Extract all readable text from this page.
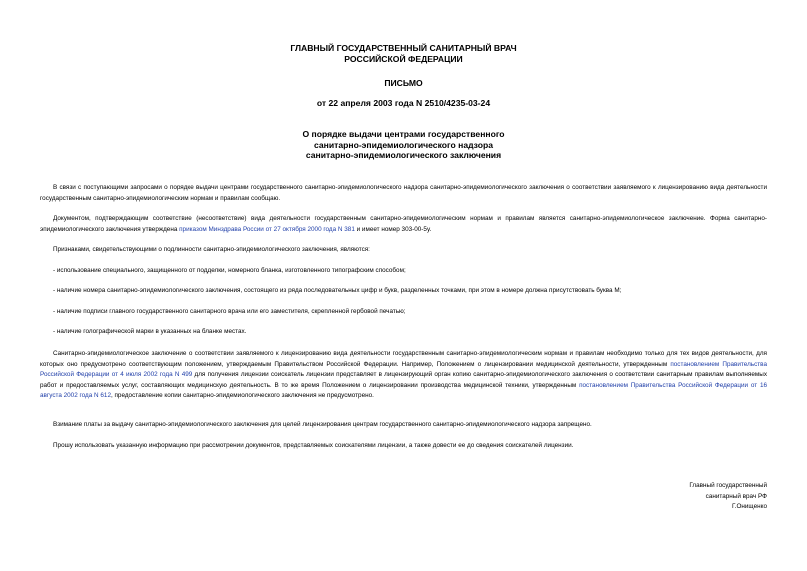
ГЛАВНЫЙ ГОСУДАРСТВЕННЫЙ САНИТАРНЫЙ ВРАЧ
РОССИЙСКОЙ ФЕДЕРАЦИИ
ПИСЬМО
от 22 апреля 2003 года N 2510/4235-03-24
О порядке выдачи центрами государственного
санитарно-эпидемиологического надзора
санитарно-эпидемиологического заключения

В связи с поступающими запросами о порядке выдачи центрами государственного санитарно-эпидемиологического надзора санитарно-эпидемиологического заключения о соответствии заявляемого к лицензированию вида деятельности государственным санитарно-эпидемиологическим нормам и правилам сообщаю.

Документом, подтверждающим соответствие (несоответствие) вида деятельности государственным санитарно-эпидемиологическим нормам и правилам является санитарно-эпидемиологическое заключение. Форма санитарно-эпидемиологического заключения утверждена приказом Минздрава России от 27 октября 2000 года N 381 и имеет номер 303-00-5у.

Признаками, свидетельствующими о подлинности санитарно-эпидемиологического заключения, являются:

- использование специального, защищенного от подделки, номерного бланка, изготовленного типографским способом;

- наличие номера санитарно-эпидемиологического заключения, состоящего из ряда последовательных цифр и букв, разделенных точками, при этом в номере должна присутствовать буква М;

- наличие подписи главного государственного санитарного врача или его заместителя, скрепленной гербовой печатью;

- наличие голографической марки в указанных на бланке местах.

Санитарно-эпидемиологическое заключение о соответствии заявляемого к лицензированию вида деятельности государственным санитарно-эпидемиологическим нормам и правилам необходимо только для тех видов деятельности, для которых оно предусмотрено соответствующим положением, утверждаемым Правительством Российской Федерации. Например, Положением о лицензировании медицинской деятельности, утвержденным постановлением Правительства Российской Федерации от 4 июля 2002 года N 499 для получения лицензии соискатель лицензии представляет в лицензирующий орган копию санитарно-эпидемиологического заключения о соответствии санитарным правилам выполняемых работ и предоставляемых услуг, составляющих медицинскую деятельность. В то же время Положением о лицензировании производства медицинской техники, утвержденным постановлением Правительства Российской Федерации от 16 августа 2002 года N 612, предоставление копии санитарно-эпидемиологического заключения не предусмотрено.

Взимание платы за выдачу санитарно-эпидемиологического заключения для целей лицензирования центрам государственного санитарно-эпидемиологического надзора запрещено.

Прошу использовать указанную информацию при рассмотрении документов, представляемых соискателями лицензии, а также довести ее до сведения соискателей лицензии.

Главный государственный
санитарный врач РФ
Г.Онищенко
